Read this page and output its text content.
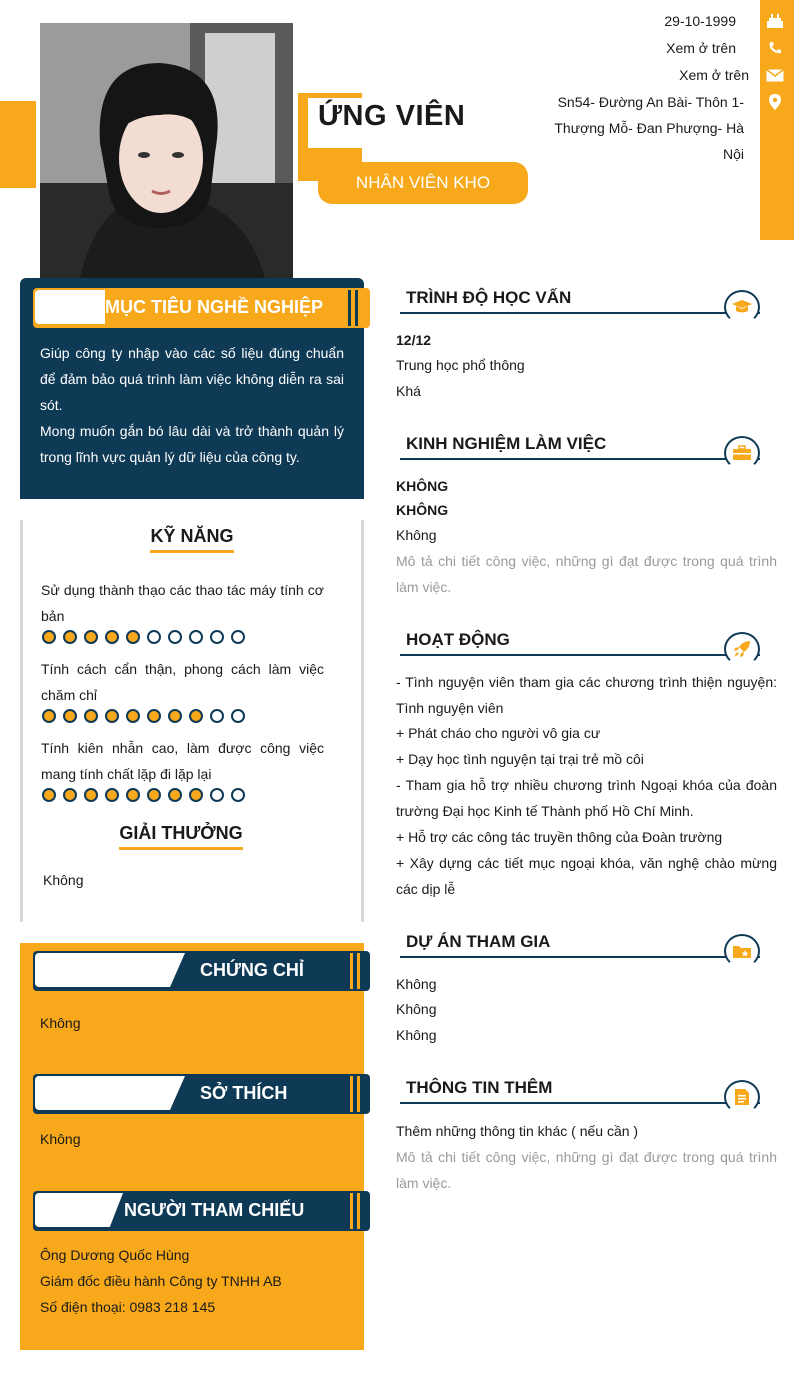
ỨNG VIÊN
NHÂN VIÊN KHO
29-10-1999
Xem ở trên
Xem ở trên
Sn54- Đường An Bài- Thôn 1-
Thượng Mỗ- Đan Phượng- Hà
Nội
MỤC TIÊU NGHỀ NGHIỆP
Giúp công ty nhập vào các số liệu đúng chuẩn để đảm bảo quá trình làm việc không diễn ra sai sót.
Mong muốn gắn bó lâu dài và trở thành quản lý trong lĩnh vực quản lý dữ liệu của công ty.
KỸ NĂNG
Sử dụng thành thạo các thao tác máy tính cơ bản
Tính cách cẩn thận, phong cách làm việc chăm chỉ
Tính kiên nhẫn cao, làm được công việc mang tính chất lặp đi lặp lại
GIẢI THƯỞNG
Không
CHỨNG CHỈ
Không
SỞ THÍCH
Không
NGƯỜI THAM CHIẾU
Ông Dương Quốc Hùng
Giám đốc điều hành Công ty TNHH AB
Số điện thoại: 0983 218 145
TRÌNH ĐỘ HỌC VẤN
12/12
Trung học phổ thông
Khá
KINH NGHIỆM LÀM VIỆC
KHÔNG
KHÔNG
Không
Mô tả chi tiết công việc, những gì đạt được trong quá trình làm việc.
HOẠT ĐỘNG
- Tình nguyện viên tham gia các chương trình thiện nguyện: Tình nguyện viên
+ Phát cháo cho người vô gia cư
+ Dạy học tình nguyện tại trại trẻ mồ côi
- Tham gia hỗ trợ nhiều chương trình Ngoại khóa của đoàn trường Đại học Kinh tế Thành phố Hồ Chí Minh.
+ Hỗ trợ các công tác truyền thông của Đoàn trường
+ Xây dựng các tiết mục ngoại khóa, văn nghệ chào mừng các dịp lễ
DỰ ÁN THAM GIA
Không
Không
Không
THÔNG TIN THÊM
Thêm những thông tin khác ( nếu cần )
Mô tả chi tiết công việc, những gì đạt được trong quá trình làm việc.
